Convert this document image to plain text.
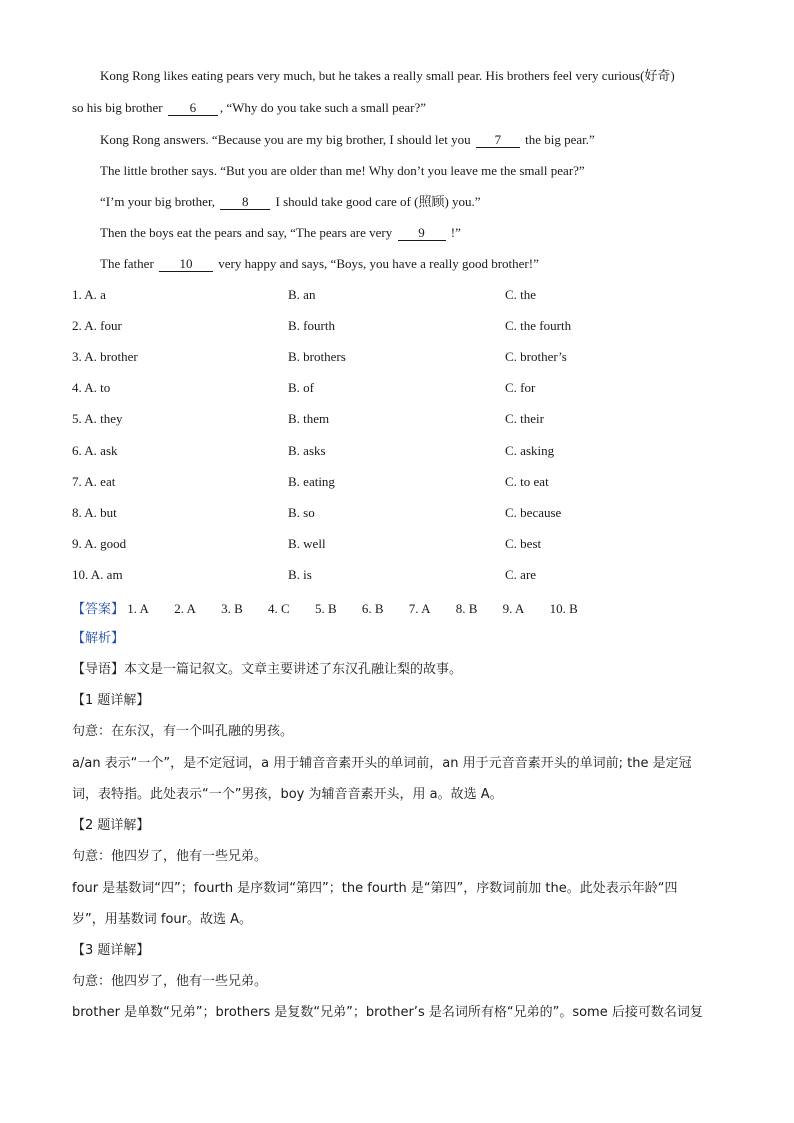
Kong Rong likes eating pears very much, but he takes a really small pear. His brothers feel very curious(好奇)
so his big brother 6 , “Why do you take such a small pear?”
Kong Rong answers. “Because you are my big brother, I should let you 7 the big pear.”
The little brother says. “But you are older than me! Why don’t you leave me the small pear?”
“I’m your big brother, 8 I should take good care of (照顾) you.”
Then the boys eat the pears and say, “The pears are very 9 !”
The father 10 very happy and says, “Boys, you have a really good brother!”
1. A. a	B. an	C. the
2. A. four	B. fourth	C. the fourth
3. A. brother	B. brothers	C. brother’s
4. A. to	B. of	C. for
5. A. they	B. them	C. their
6. A. ask	B. asks	C. asking
7. A. eat	B. eating	C. to eat
8. A. but	B. so	C. because
9. A. good	B. well	C. best
10. A. am	B. is	C. are
【答案】 1. A 2. A 3. B 4. C 5. B 6. B 7. A 8. B 9. A 10. B
【解析】
【导语】本文是一篇记叙文。文章主要讲述了东汉孔融让梨的故事。
【1 题详解】
句意：在东汉，有一个叫孔融的男孩。
a/an 表示“一个”，是不定冠词，a 用于辅音音素开头的单词前，an 用于元音音素开头的单词前; the 是定冠
词，表特指。此处表示“一个”男孩，boy 为辅音音素开头，用 a。故选 A。
【2 题详解】
句意：他四岁了，他有一些兄弟。
four 是基数词“四”；fourth 是序数词“第四”；the fourth 是“第四”，序数词前加 the。此处表示年龄“四
岁”，用基数词 four。故选 A。
【3 题详解】
句意：他四岁了，他有一些兄弟。
brother 是单数“兄弟”；brothers 是复数“兄弟”；brother’s 是名词所有格“兄弟的”。some 后接可数名词复
